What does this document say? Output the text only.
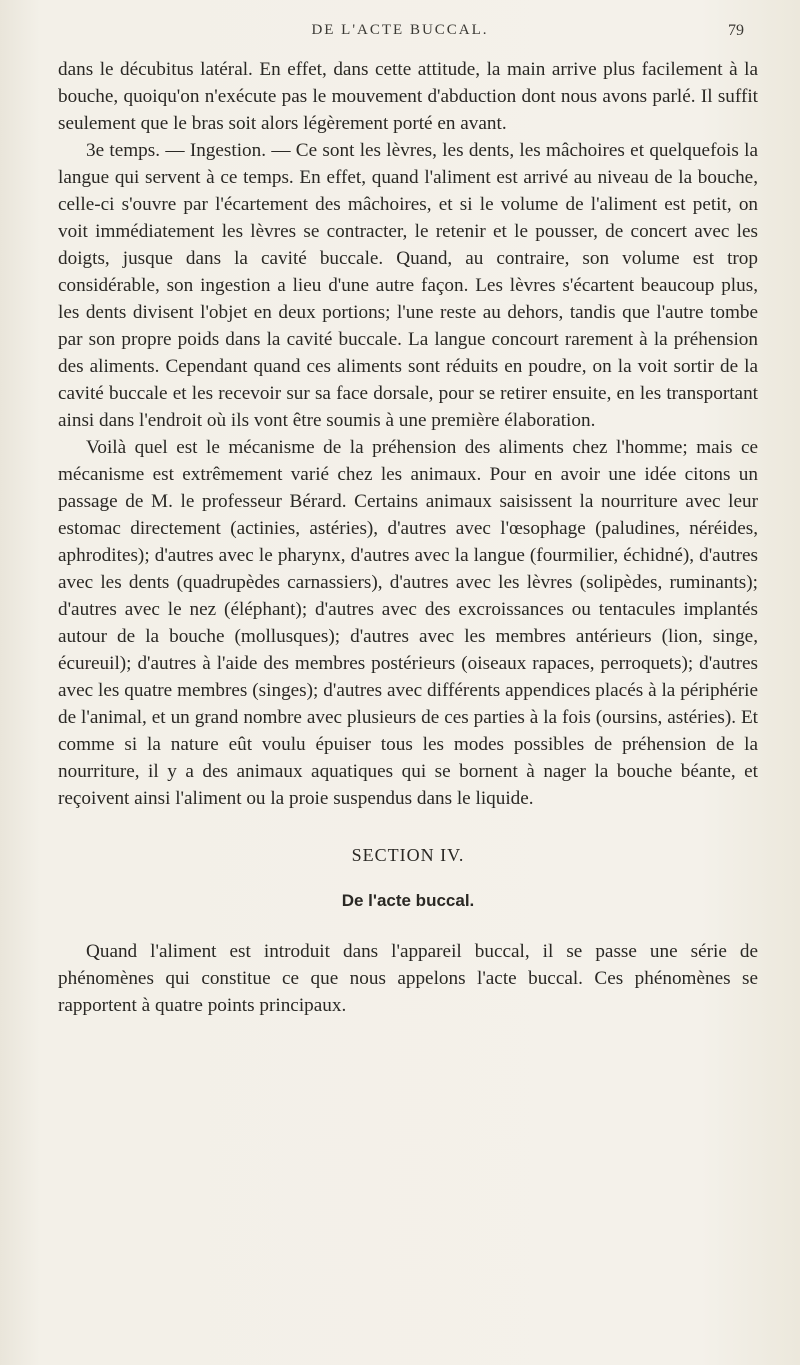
DE L'ACTE BUCCAL.	79

dans le décubitus latéral. En effet, dans cette attitude, la main arrive plus facilement à la bouche, quoiqu'on n'exécute pas le mouvement d'abduction dont nous avons parlé. Il suffit seulement que le bras soit alors légèrement porté en avant.

3e temps. — Ingestion. — Ce sont les lèvres, les dents, les mâchoires et quelquefois la langue qui servent à ce temps. En effet, quand l'aliment est arrivé au niveau de la bouche, celle-ci s'ouvre par l'écartement des mâchoires, et si le volume de l'aliment est petit, on voit immédiatement les lèvres se contracter, le retenir et le pousser, de concert avec les doigts, jusque dans la cavité buccale. Quand, au contraire, son volume est trop considérable, son ingestion a lieu d'une autre façon. Les lèvres s'écartent beaucoup plus, les dents divisent l'objet en deux portions; l'une reste au dehors, tandis que l'autre tombe par son propre poids dans la cavité buccale. La langue concourt rarement à la préhension des aliments. Cependant quand ces aliments sont réduits en poudre, on la voit sortir de la cavité buccale et les recevoir sur sa face dorsale, pour se retirer ensuite, en les transportant ainsi dans l'endroit où ils vont être soumis à une première élaboration.

Voilà quel est le mécanisme de la préhension des aliments chez l'homme; mais ce mécanisme est extrêmement varié chez les animaux. Pour en avoir une idée citons un passage de M. le professeur Bérard. Certains animaux saisissent la nourriture avec leur estomac directement (actinies, astéries), d'autres avec l'œsophage (paludines, néréides, aphrodites); d'autres avec le pharynx, d'autres avec la langue (fourmilier, échidné), d'autres avec les dents (quadrupèdes carnassiers), d'autres avec les lèvres (solipèdes, ruminants); d'autres avec le nez (éléphant); d'autres avec des excroissances ou tentacules implantés autour de la bouche (mollusques); d'autres avec les membres antérieurs (lion, singe, écureuil); d'autres à l'aide des membres postérieurs (oiseaux rapaces, perroquets); d'autres avec les quatre membres (singes); d'autres avec différents appendices placés à la périphérie de l'animal, et un grand nombre avec plusieurs de ces parties à la fois (oursins, astéries). Et comme si la nature eût voulu épuiser tous les modes possibles de préhension de la nourriture, il y a des animaux aquatiques qui se bornent à nager la bouche béante, et reçoivent ainsi l'aliment ou la proie suspendus dans le liquide.

SECTION IV.
De l'acte buccal.

Quand l'aliment est introduit dans l'appareil buccal, il se passe une série de phénomènes qui constitue ce que nous appelons l'acte buccal. Ces phénomènes se rapportent à quatre points principaux.
